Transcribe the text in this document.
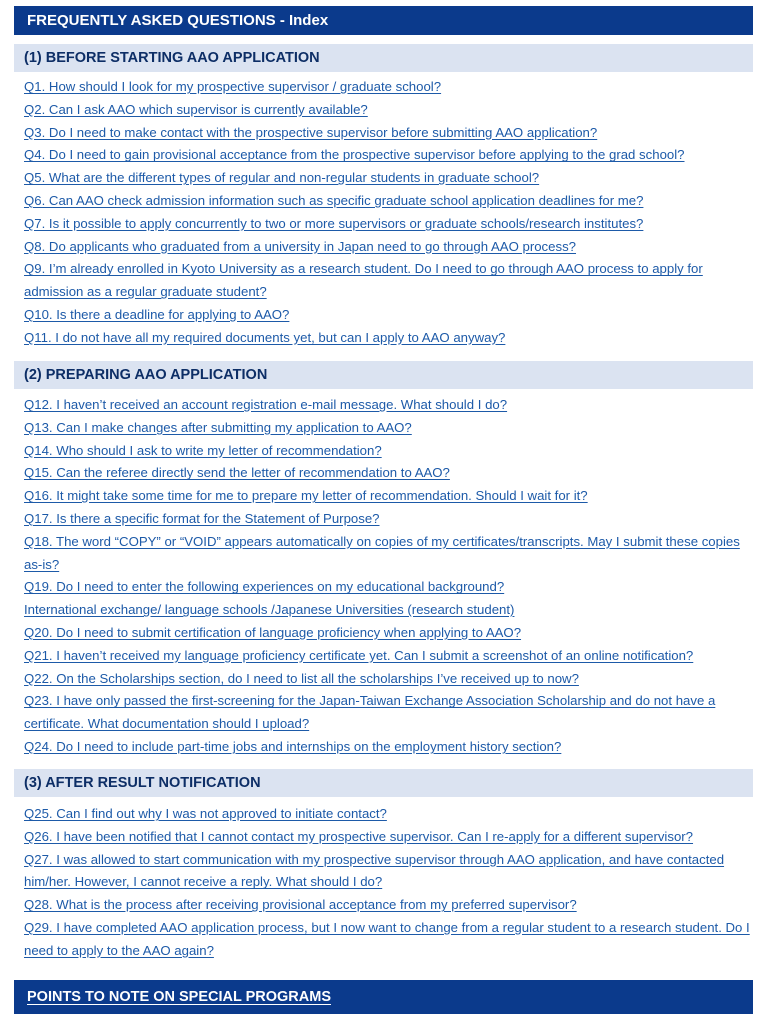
FREQUENTLY ASKED QUESTIONS - Index
(1) BEFORE STARTING AAO APPLICATION
Q1. How should I look for my prospective supervisor / graduate school?
Q2. Can I ask AAO which supervisor is currently available?
Q3. Do I need to make contact with the prospective supervisor before submitting AAO application?
Q4. Do I need to gain provisional acceptance from the prospective supervisor before applying to the grad school?
Q5. What are the different types of regular and non-regular students in graduate school?
Q6. Can AAO check admission information such as specific graduate school application deadlines for me?
Q7. Is it possible to apply concurrently to two or more supervisors or graduate schools/research institutes?
Q8. Do applicants who graduated from a university in Japan need to go through AAO process?
Q9. I’m already enrolled in Kyoto University as a research student. Do I need to go through AAO process to apply for admission as a regular graduate student?
Q10. Is there a deadline for applying to AAO?
Q11. I do not have all my required documents yet, but can I apply to AAO anyway?
(2) PREPARING AAO APPLICATION
Q12. I haven’t received an account registration e-mail message. What should I do?
Q13. Can I make changes after submitting my application to AAO?
Q14. Who should I ask to write my letter of recommendation?
Q15. Can the referee directly send the letter of recommendation to AAO?
Q16. It might take some time for me to prepare my letter of recommendation. Should I wait for it?
Q17. Is there a specific format for the Statement of Purpose?
Q18. The word “COPY” or “VOID” appears automatically on copies of my certificates/transcripts. May I submit these copies as-is?
Q19. Do I need to enter the following experiences on my educational background?
International exchange/ language schools /Japanese Universities (research student)
Q20. Do I need to submit certification of language proficiency when applying to AAO?
Q21. I haven’t received my language proficiency certificate yet. Can I submit a screenshot of an online notification?
Q22. On the Scholarships section, do I need to list all the scholarships I’ve received up to now?
Q23. I have only passed the first-screening for the Japan-Taiwan Exchange Association Scholarship and do not have a certificate. What documentation should I upload?
Q24. Do I need to include part-time jobs and internships on the employment history section?
(3) AFTER RESULT NOTIFICATION
Q25. Can I find out why I was not approved to initiate contact?
Q26. I have been notified that I cannot contact my prospective supervisor. Can I re-apply for a different supervisor?
Q27. I was allowed to start communication with my prospective supervisor through AAO application, and have contacted him/her. However, I cannot receive a reply. What should I do?
Q28. What is the process after receiving provisional acceptance from my preferred supervisor?
Q29. I have completed AAO application process, but I now want to change from a regular student to a research student. Do I need to apply to the AAO again?
POINTS TO NOTE ON SPECIAL PROGRAMS
